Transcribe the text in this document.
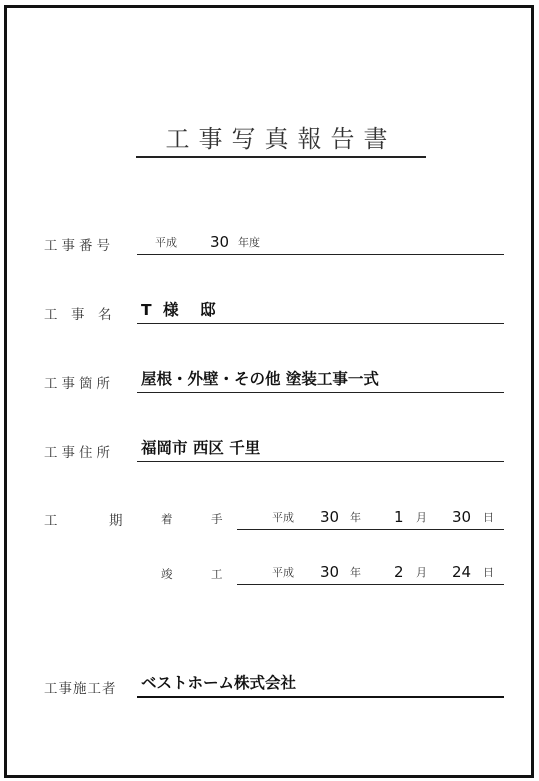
工事写真報告書
工事番号	平成 30 年度
工　事　名 T 様　邸
工事箇所 屋根・外壁・その他 塗装工事一式
工事住所 福岡市 西区 千里
工	期	着	手	平成 30 年 1 月 30 日
竣	工	平成 30 年 2 月 24 日
工事施工者 ベストホーム株式会社
